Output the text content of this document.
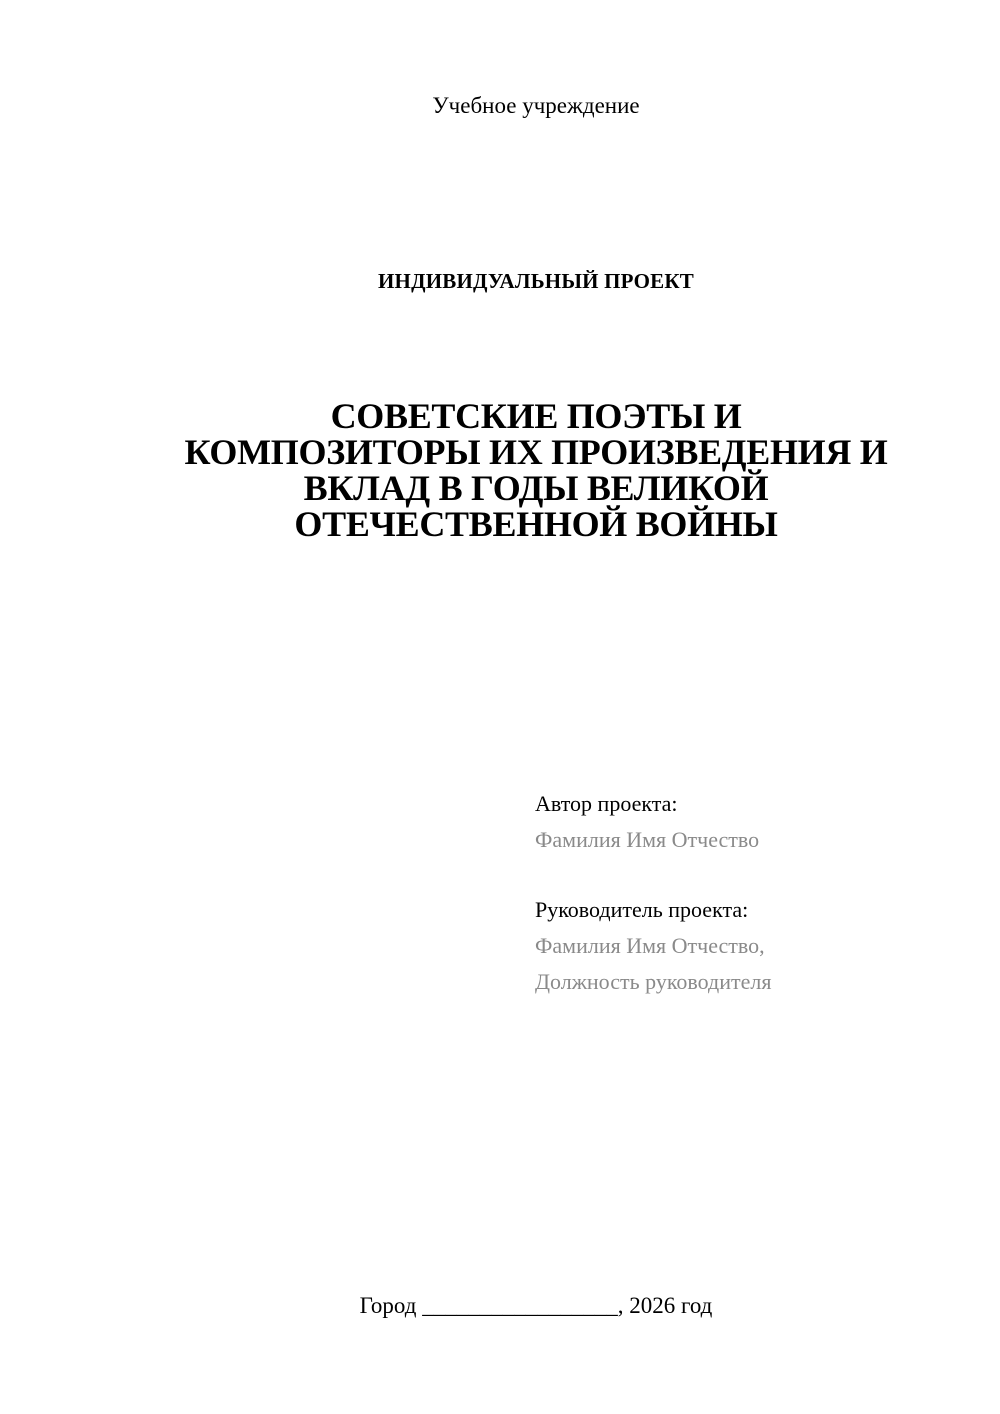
Учебное учреждение
ИНДИВИДУАЛЬНЫЙ ПРОЕКТ
СОВЕТСКИЕ ПОЭТЫ И
КОМПОЗИТОРЫ ИХ ПРОИЗВЕДЕНИЯ И
ВКЛАД В ГОДЫ ВЕЛИКОЙ
ОТЕЧЕСТВЕННОЙ ВОЙНЫ
Автор проекта:
Фамилия Имя Отчество
Руководитель проекта:
Фамилия Имя Отчество,
Должность руководителя
Город _________________, 2026 год
